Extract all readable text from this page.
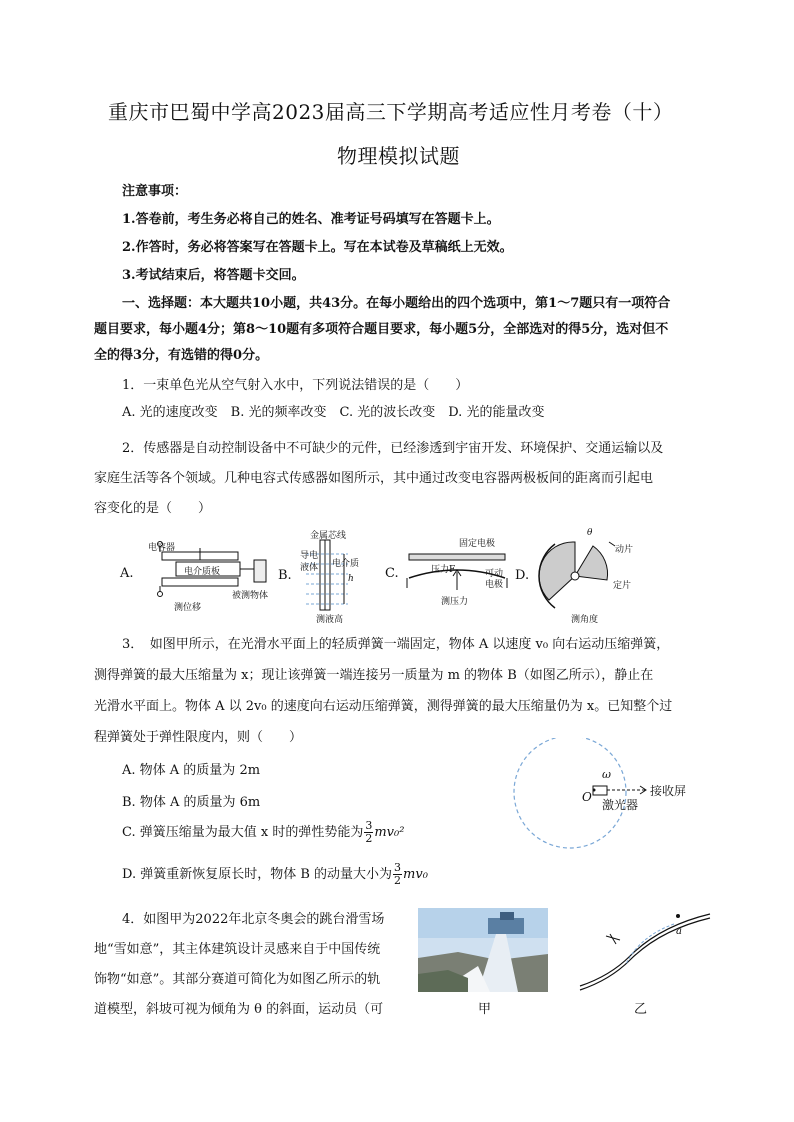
重庆市巴蜀中学高2023届高三下学期高考适应性月考卷（十）
物理模拟试题
注意事项：
1.答卷前，考生务必将自己的姓名、准考证号码填写在答题卡上。
2.作答时，务必将答案写在答题卡上。写在本试卷及草稿纸上无效。
3.考试结束后，将答题卡交回。
一、选择题：本大题共10小题，共43分。在每小题给出的四个选项中，第1～7题只有一项符合
题目要求，每小题4分；第8～10题有多项符合题目要求，每小题5分，全部选对的得5分，选对但不
全的得3分，有选错的得0分。
1．一束单色光从空气射入水中，下列说法错误的是（　　）
A. 光的速度改变　B. 光的频率改变　C. 光的波长改变　D. 光的能量改变
2．传感器是自动控制设备中不可缺少的元件，已经渗透到宇宙开发、环境保护、交通运输以及
家庭生活等各个领域。几种电容式传感器如图所示，其中通过改变电容器两极板间的距离而引起电
容变化的是（　　）
A.
电容器
电介质板
被测物体
测位移
B.
金属芯线
导电
液体 电介质
h
测液高
C.
固定电极
压力F	可动
电极
测压力
D.
θ
动片
定片
测角度
3．　如图甲所示，在光滑水平面上的轻质弹簧一端固定，物体 A 以速度 v₀ 向右运动压缩弹簧，
测得弹簧的最大压缩量为 x；现让该弹簧一端连接另一质量为 m 的物体 B（如图乙所示），静止在
光滑水平面上。物体 A 以 2v₀ 的速度向右运动压缩弹簧，测得弹簧的最大压缩量仍为 x。已知整个过
程弹簧处于弹性限度内，则（　　）
A. 物体 A 的质量为 2m
B. 物体 A 的质量为 6m
C. 弹簧压缩量为最大值 x 时的弹性势能为 $\frac{3}{2} mv_0^2$
D. 弹簧重新恢复原长时，物体 B 的动量大小为 $\frac{3}{2} mv_0$
ω
O
激光器
接收屏
4．如图甲为2022年北京冬奥会的跳台滑雪场
地“雪如意”，其主体建筑设计灵感来自于中国传统
饰物“如意”。其部分赛道可简化为如图乙所示的轨
道模型，斜坡可视为倾角为 θ 的斜面，运动员（可	甲
a
乙
